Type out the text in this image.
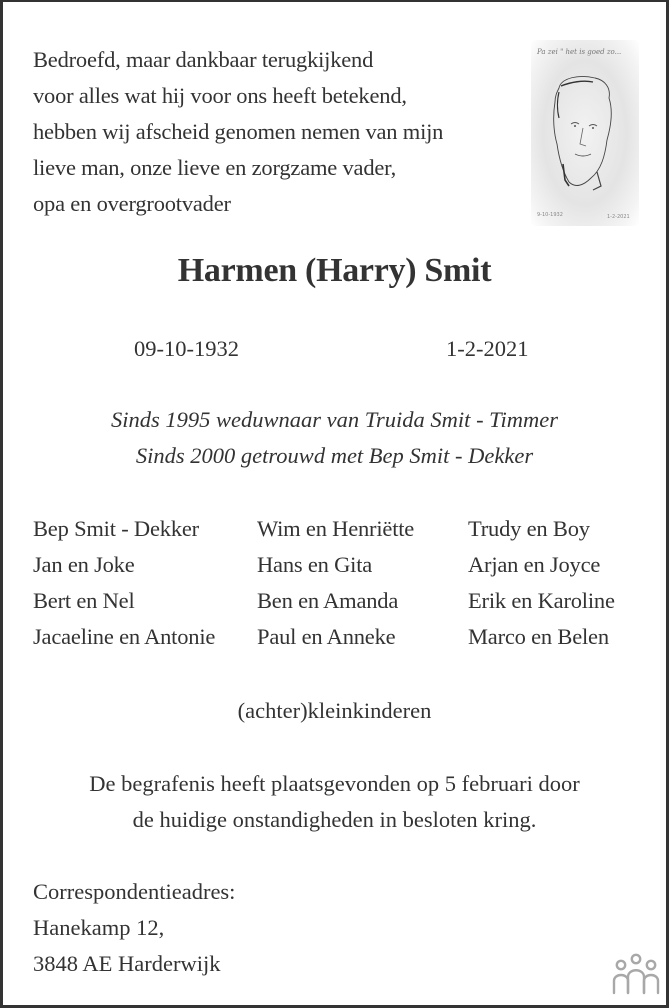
Bedroefd, maar dankbaar terugkijkend
voor alles wat hij voor ons heeft betekend,
hebben wij afscheid genomen nemen van mijn
lieve man, onze lieve en zorgzame vader,
opa en overgrootvader
Pa zei " het is goed zo...
9-10-1932	1-2-2021
Harmen (Harry) Smit
09-10-1932	1-2-2021
Sinds 1995 weduwnaar van Truida Smit - Timmer
Sinds 2000 getrouwd met Bep Smit - Dekker
Bep Smit - Dekker	Wim en Henriëtte	Trudy en Boy
Jan en Joke	Hans en Gita	Arjan en Joyce
Bert en Nel	Ben en Amanda	Erik en Karoline
Jacaeline en Antonie	Paul en Anneke	Marco en Belen
(achter)kleinkinderen
De begrafenis heeft plaatsgevonden op 5 februari door
de huidige onstandigheden in besloten kring.
Correspondentieadres:
Hanekamp 12,
3848 AE Harderwijk
